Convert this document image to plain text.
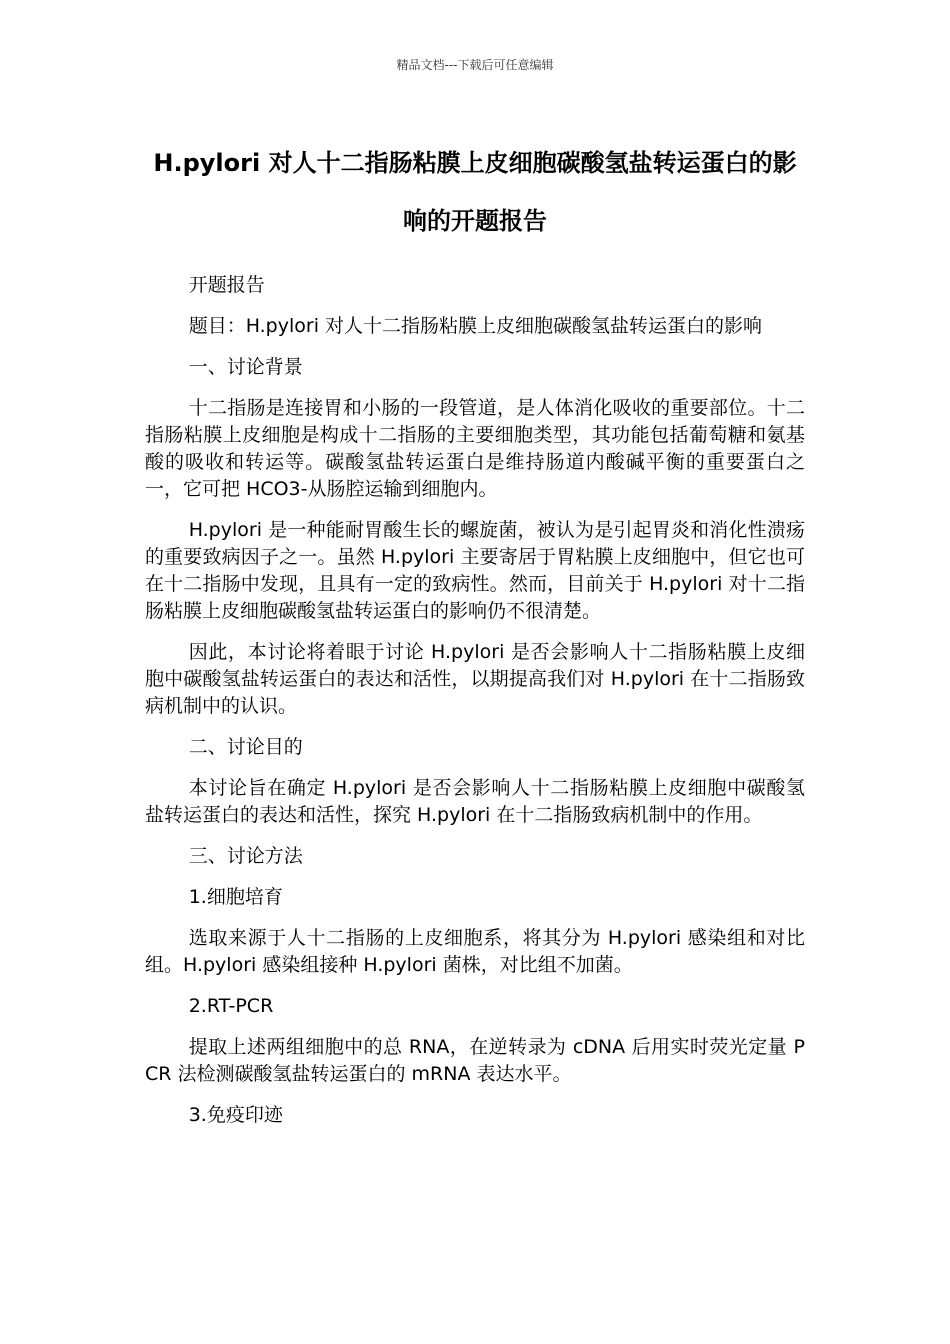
精品文档---下载后可任意编辑
H.pylori 对人十二指肠粘膜上皮细胞碳酸氢盐转运蛋白的影响的开题报告

开题报告

题目：H.pylori 对人十二指肠粘膜上皮细胞碳酸氢盐转运蛋白的影响

一、讨论背景

十二指肠是连接胃和小肠的一段管道，是人体消化吸收的重要部位。十二指肠粘膜上皮细胞是构成十二指肠的主要细胞类型，其功能包括葡萄糖和氨基酸的吸收和转运等。碳酸氢盐转运蛋白是维持肠道内酸碱平衡的重要蛋白之一，它可把 HCO3-从肠腔运输到细胞内。

H.pylori 是一种能耐胃酸生长的螺旋菌，被认为是引起胃炎和消化性溃疡的重要致病因子之一。虽然 H.pylori 主要寄居于胃粘膜上皮细胞中，但它也可在十二指肠中发现，且具有一定的致病性。然而，目前关于 H.pylori 对十二指肠粘膜上皮细胞碳酸氢盐转运蛋白的影响仍不很清楚。

因此，本讨论将着眼于讨论 H.pylori 是否会影响人十二指肠粘膜上皮细胞中碳酸氢盐转运蛋白的表达和活性，以期提高我们对 H.pylori 在十二指肠致病机制中的认识。

二、讨论目的

本讨论旨在确定 H.pylori 是否会影响人十二指肠粘膜上皮细胞中碳酸氢盐转运蛋白的表达和活性，探究 H.pylori 在十二指肠致病机制中的作用。

三、讨论方法

1.细胞培育

选取来源于人十二指肠的上皮细胞系，将其分为 H.pylori 感染组和对比组。H.pylori 感染组接种 H.pylori 菌株，对比组不加菌。

2.RT-PCR

提取上述两组细胞中的总 RNA，在逆转录为 cDNA 后用实时荧光定量 PCR 法检测碳酸氢盐转运蛋白的 mRNA 表达水平。

3.免疫印迹
